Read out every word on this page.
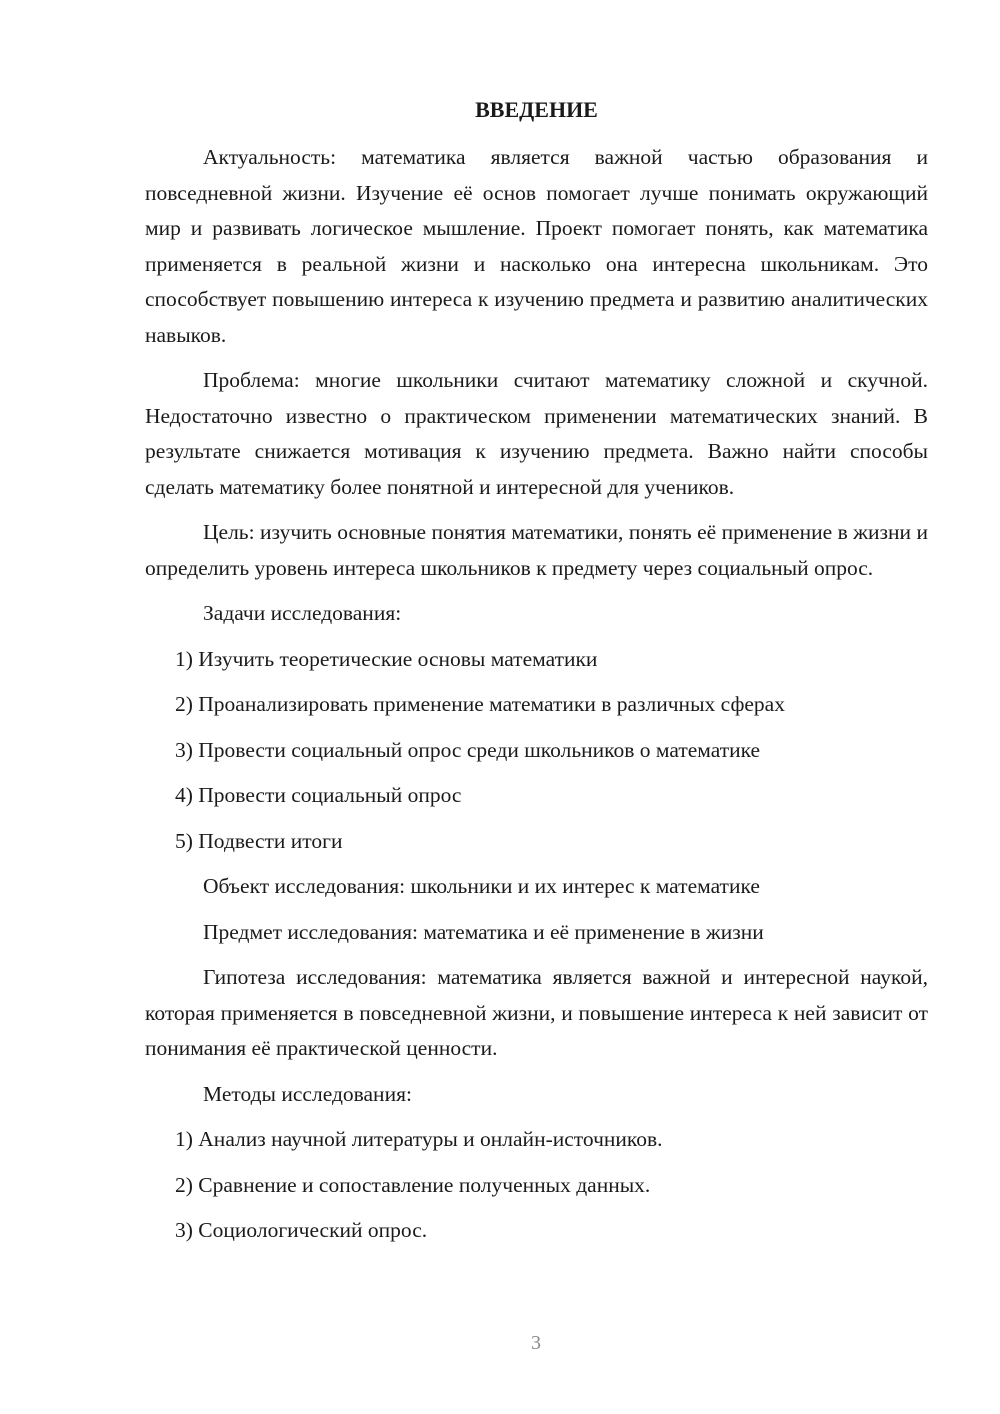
ВВЕДЕНИЕ

Актуальность: математика является важной частью образования и повседневной жизни. Изучение её основ помогает лучше понимать окружающий мир и развивать логическое мышление. Проект помогает понять, как математика применяется в реальной жизни и насколько она интересна школьникам. Это способствует повышению интереса к изучению предмета и развитию аналитических навыков.

Проблема: многие школьники считают математику сложной и скучной. Недостаточно известно о практическом применении математических знаний. В результате снижается мотивация к изучению предмета. Важно найти способы сделать математику более понятной и интересной для учеников.

Цель: изучить основные понятия математики, понять её применение в жизни и определить уровень интереса школьников к предмету через социальный опрос.

Задачи исследования:
1) Изучить теоретические основы математики
2) Проанализировать применение математики в различных сферах
3) Провести социальный опрос среди школьников о математике
4) Провести социальный опрос
5) Подвести итоги
Объект исследования: школьники и их интерес к математике
Предмет исследования: математика и её применение в жизни

Гипотеза исследования: математика является важной и интересной наукой, которая применяется в повседневной жизни, и повышение интереса к ней зависит от понимания её практической ценности.

Методы исследования:
1) Анализ научной литературы и онлайн-источников.
2) Сравнение и сопоставление полученных данных.
3) Социологический опрос.
3
